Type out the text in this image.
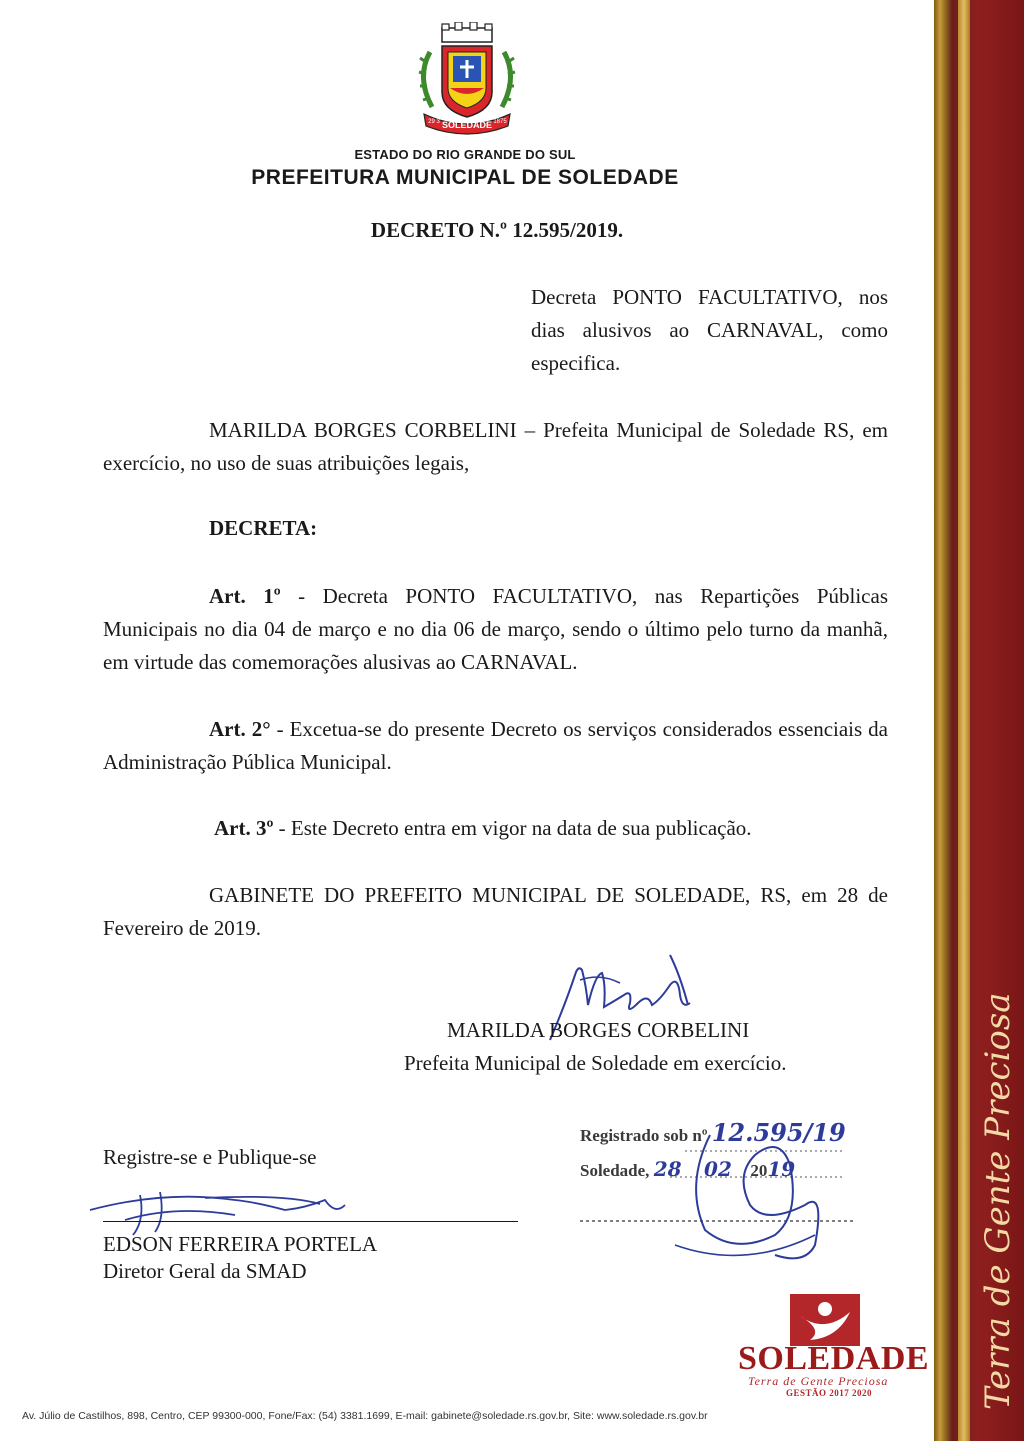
Terra de Gente Preciosa
SOLEDADE
29 3	1875
ESTADO DO RIO GRANDE DO SUL
PREFEITURA MUNICIPAL DE SOLEDADE
DECRETO N.º 12.595/2019.
Decreta PONTO FACULTATIVO, nos dias alusivos ao CARNAVAL, como especifica.
MARILDA BORGES CORBELINI – Prefeita Municipal de Soledade RS, em exercício, no uso de suas atribuições legais,
DECRETA:
Art. 1º - Decreta PONTO FACULTATIVO, nas Repartições Públicas Municipais no dia 04 de março e no dia 06 de março, sendo o último pelo turno da manhã, em virtude das comemorações alusivas ao CARNAVAL.
Art. 2° - Excetua-se do presente Decreto os serviços considerados essenciais da Administração Pública Municipal.
Art. 3º - Este Decreto entra em vigor na data de sua publicação.
GABINETE DO PREFEITO MUNICIPAL DE SOLEDADE, RS, em 28 de Fevereiro de 2019.
MARILDA BORGES CORBELINI
Prefeita Municipal de Soledade em exercício.
Registrado sob nº 12.595/19
Soledade, 28 02 2019
Registre-se e Publique-se
EDSON FERREIRA PORTELA
Diretor Geral da SMAD
SOLEDADE
Terra de Gente Preciosa
GESTÃO 2017 2020
Av. Júlio de Castilhos, 898, Centro, CEP 99300-000, Fone/Fax: (54) 3381.1699, E-mail: gabinete@soledade.rs.gov.br, Site: www.soledade.rs.gov.br
